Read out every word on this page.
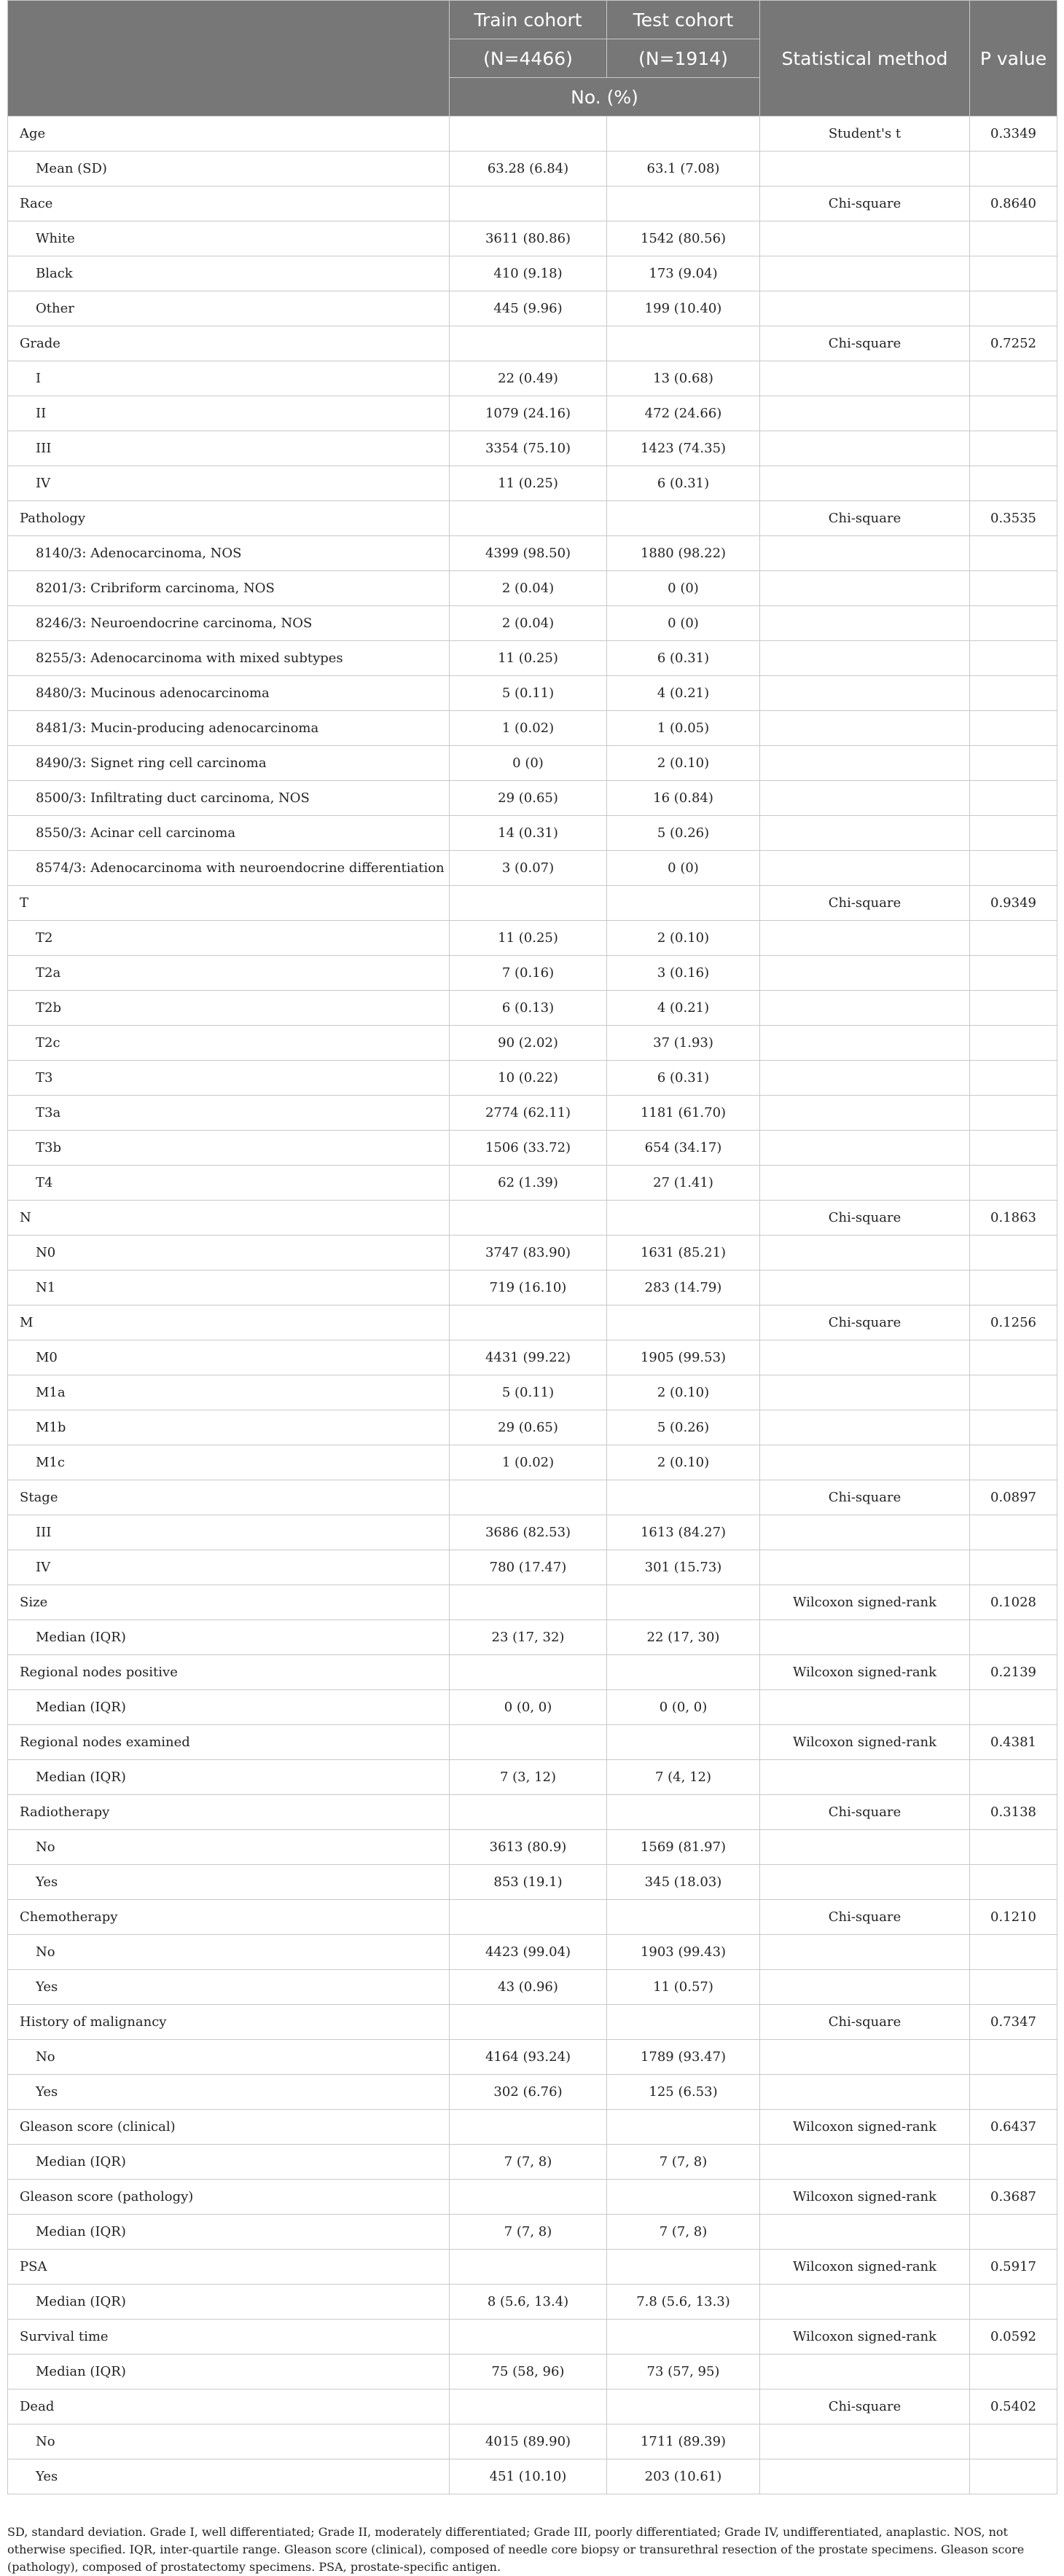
	Train cohort	Test cohort	Statistical method	P value
	(N=4466)	(N=1914)		
	No. (%)			
Age			Student's t	0.3349
Mean (SD)	63.28 (6.84)	63.1 (7.08)		
Race			Chi-square	0.8640
White	3611 (80.86)	1542 (80.56)		
Black	410 (9.18)	173 (9.04)		
Other	445 (9.96)	199 (10.40)		
Grade			Chi-square	0.7252
I	22 (0.49)	13 (0.68)		
II	1079 (24.16)	472 (24.66)		
III	3354 (75.10)	1423 (74.35)		
IV	11 (0.25)	6 (0.31)		
Pathology			Chi-square	0.3535
8140/3: Adenocarcinoma, NOS	4399 (98.50)	1880 (98.22)		
8201/3: Cribriform carcinoma, NOS	2 (0.04)	0 (0)		
8246/3: Neuroendocrine carcinoma, NOS	2 (0.04)	0 (0)		
8255/3: Adenocarcinoma with mixed subtypes	11 (0.25)	6 (0.31)		
8480/3: Mucinous adenocarcinoma	5 (0.11)	4 (0.21)		
8481/3: Mucin-producing adenocarcinoma	1 (0.02)	1 (0.05)		
8490/3: Signet ring cell carcinoma	0 (0)	2 (0.10)		
8500/3: Infiltrating duct carcinoma, NOS	29 (0.65)	16 (0.84)		
8550/3: Acinar cell carcinoma	14 (0.31)	5 (0.26)		
8574/3: Adenocarcinoma with neuroendocrine differentiation	3 (0.07)	0 (0)		
T			Chi-square	0.9349
T2	11 (0.25)	2 (0.10)		
T2a	7 (0.16)	3 (0.16)		
T2b	6 (0.13)	4 (0.21)		
T2c	90 (2.02)	37 (1.93)		
T3	10 (0.22)	6 (0.31)		
T3a	2774 (62.11)	1181 (61.70)		
T3b	1506 (33.72)	654 (34.17)		
T4	62 (1.39)	27 (1.41)		
N			Chi-square	0.1863
N0	3747 (83.90)	1631 (85.21)		
N1	719 (16.10)	283 (14.79)		
M			Chi-square	0.1256
M0	4431 (99.22)	1905 (99.53)		
M1a	5 (0.11)	2 (0.10)		
M1b	29 (0.65)	5 (0.26)		
M1c	1 (0.02)	2 (0.10)		
Stage			Chi-square	0.0897
III	3686 (82.53)	1613 (84.27)		
IV	780 (17.47)	301 (15.73)		
Size			Wilcoxon signed-rank	0.1028
Median (IQR)	23 (17, 32)	22 (17, 30)		
Regional nodes positive			Wilcoxon signed-rank	0.2139
Median (IQR)	0 (0, 0)	0 (0, 0)		
Regional nodes examined			Wilcoxon signed-rank	0.4381
Median (IQR)	7 (3, 12)	7 (4, 12)		
Radiotherapy			Chi-square	0.3138
No	3613 (80.9)	1569 (81.97)		
Yes	853 (19.1)	345 (18.03)		
Chemotherapy			Chi-square	0.1210
No	4423 (99.04)	1903 (99.43)		
Yes	43 (0.96)	11 (0.57)		
History of malignancy			Chi-square	0.7347
No	4164 (93.24)	1789 (93.47)		
Yes	302 (6.76)	125 (6.53)		
Gleason score (clinical)			Wilcoxon signed-rank	0.6437
Median (IQR)	7 (7, 8)	7 (7, 8)		
Gleason score (pathology)			Wilcoxon signed-rank	0.3687
Median (IQR)	7 (7, 8)	7 (7, 8)		
PSA			Wilcoxon signed-rank	0.5917
Median (IQR)	8 (5.6, 13.4)	7.8 (5.6, 13.3)		
Survival time			Wilcoxon signed-rank	0.0592
Median (IQR)	75 (58, 96)	73 (57, 95)		
Dead			Chi-square	0.5402
No	4015 (89.90)	1711 (89.39)		
Yes	451 (10.10)	203 (10.61)		
SD, standard deviation. Grade I, well differentiated; Grade II, moderately differentiated; Grade III, poorly differentiated; Grade IV, undifferentiated, anaplastic. NOS, not otherwise specified. IQR, inter-quartile range. Gleason score (clinical), composed of needle core biopsy or transurethral resection of the prostate specimens. Gleason score (pathology), composed of prostatectomy specimens. PSA, prostate-specific antigen.
